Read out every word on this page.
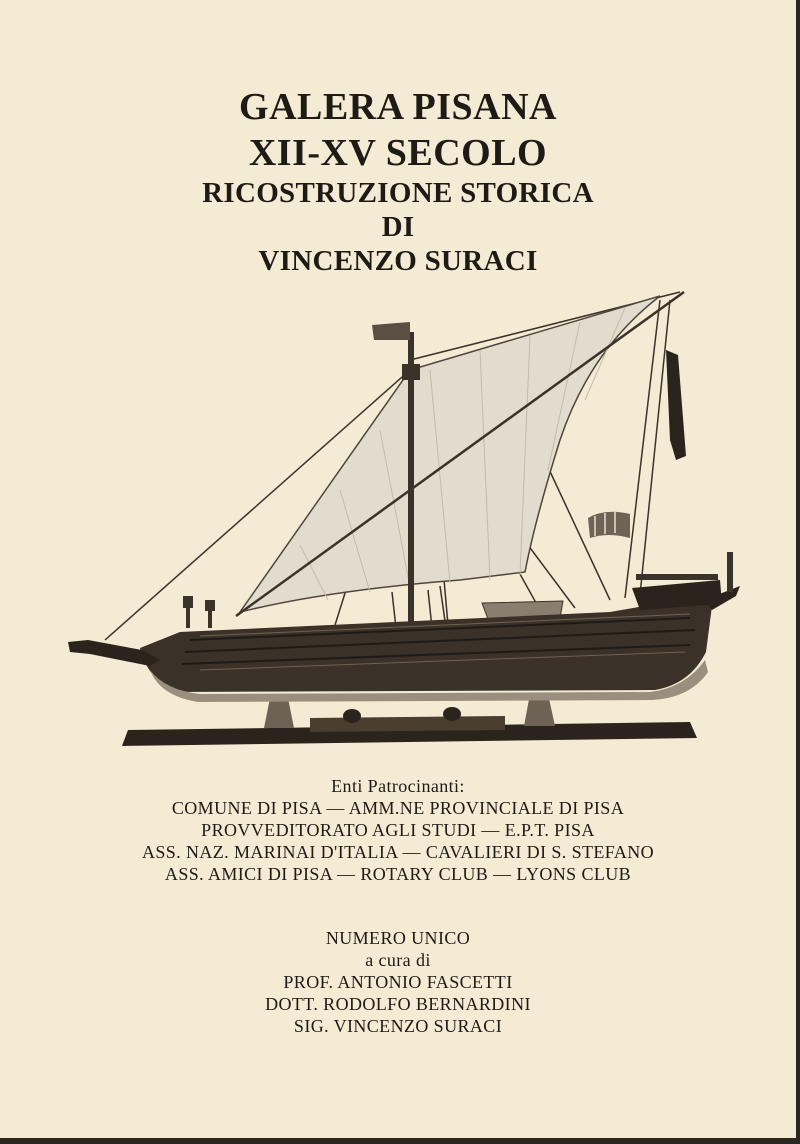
GALERA PISANA
XII-XV SECOLO
RICOSTRUZIONE STORICA
DI
VINCENZO SURACI
Enti Patrocinanti:
COMUNE DI PISA — AMM.NE PROVINCIALE DI PISA
PROVVEDITORATO AGLI STUDI — E.P.T. PISA
ASS. NAZ. MARINAI D'ITALIA — CAVALIERI DI S. STEFANO
ASS. AMICI DI PISA — ROTARY CLUB — LYONS CLUB
NUMERO UNICO
a cura di
PROF. ANTONIO FASCETTI
DOTT. RODOLFO BERNARDINI
SIG. VINCENZO SURACI
